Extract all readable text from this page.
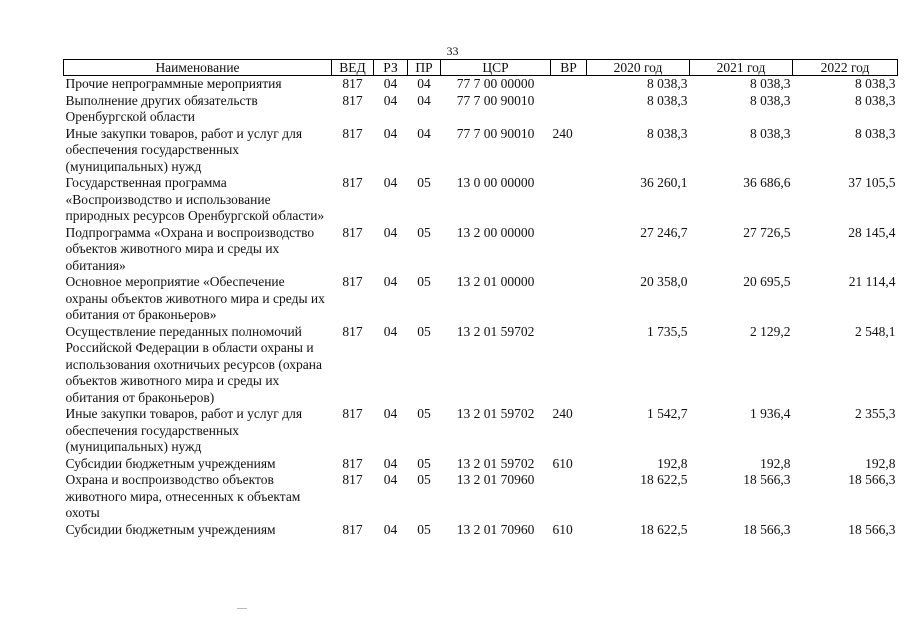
33
Наименование	ВЕД	РЗ	ПР	ЦСР	ВР	2020 год	2021 год	2022 год
Прочие непрограммные мероприятия	817	04	04	77 7 00 00000		8 038,3	8 038,3	8 038,3
Выполнение других обязательств Оренбургской области	817	04	04	77 7 00 90010		8 038,3	8 038,3	8 038,3
Иные закупки товаров, работ и услуг для обеспечения государственных (муниципальных) нужд	817	04	04	77 7 00 90010	240	8 038,3	8 038,3	8 038,3
Государственная программа «Воспроизводство и использование природных ресурсов Оренбургской области»	817	04	05	13 0 00 00000		36 260,1	36 686,6	37 105,5
Подпрограмма «Охрана и воспроизводство объектов животного мира и среды их обитания»	817	04	05	13 2 00 00000		27 246,7	27 726,5	28 145,4
Основное мероприятие «Обеспечение охраны объектов животного мира и среды их обитания от браконьеров»	817	04	05	13 2 01 00000		20 358,0	20 695,5	21 114,4
Осуществление переданных полномочий Российской Федерации в области охраны и использования охотничьих ресурсов (охрана объектов животного мира и среды их обитания от браконьеров)	817	04	05	13 2 01 59702		1 735,5	2 129,2	2 548,1
Иные закупки товаров, работ и услуг для обеспечения государственных (муниципальных) нужд	817	04	05	13 2 01 59702	240	1 542,7	1 936,4	2 355,3
Субсидии бюджетным учреждениям	817	04	05	13 2 01 59702	610	192,8	192,8	192,8
Охрана и воспроизводство объектов животного мира, отнесенных к объектам охоты	817	04	05	13 2 01 70960		18 622,5	18 566,3	18 566,3
Субсидии бюджетным учреждениям	817	04	05	13 2 01 70960	610	18 622,5	18 566,3	18 566,3
